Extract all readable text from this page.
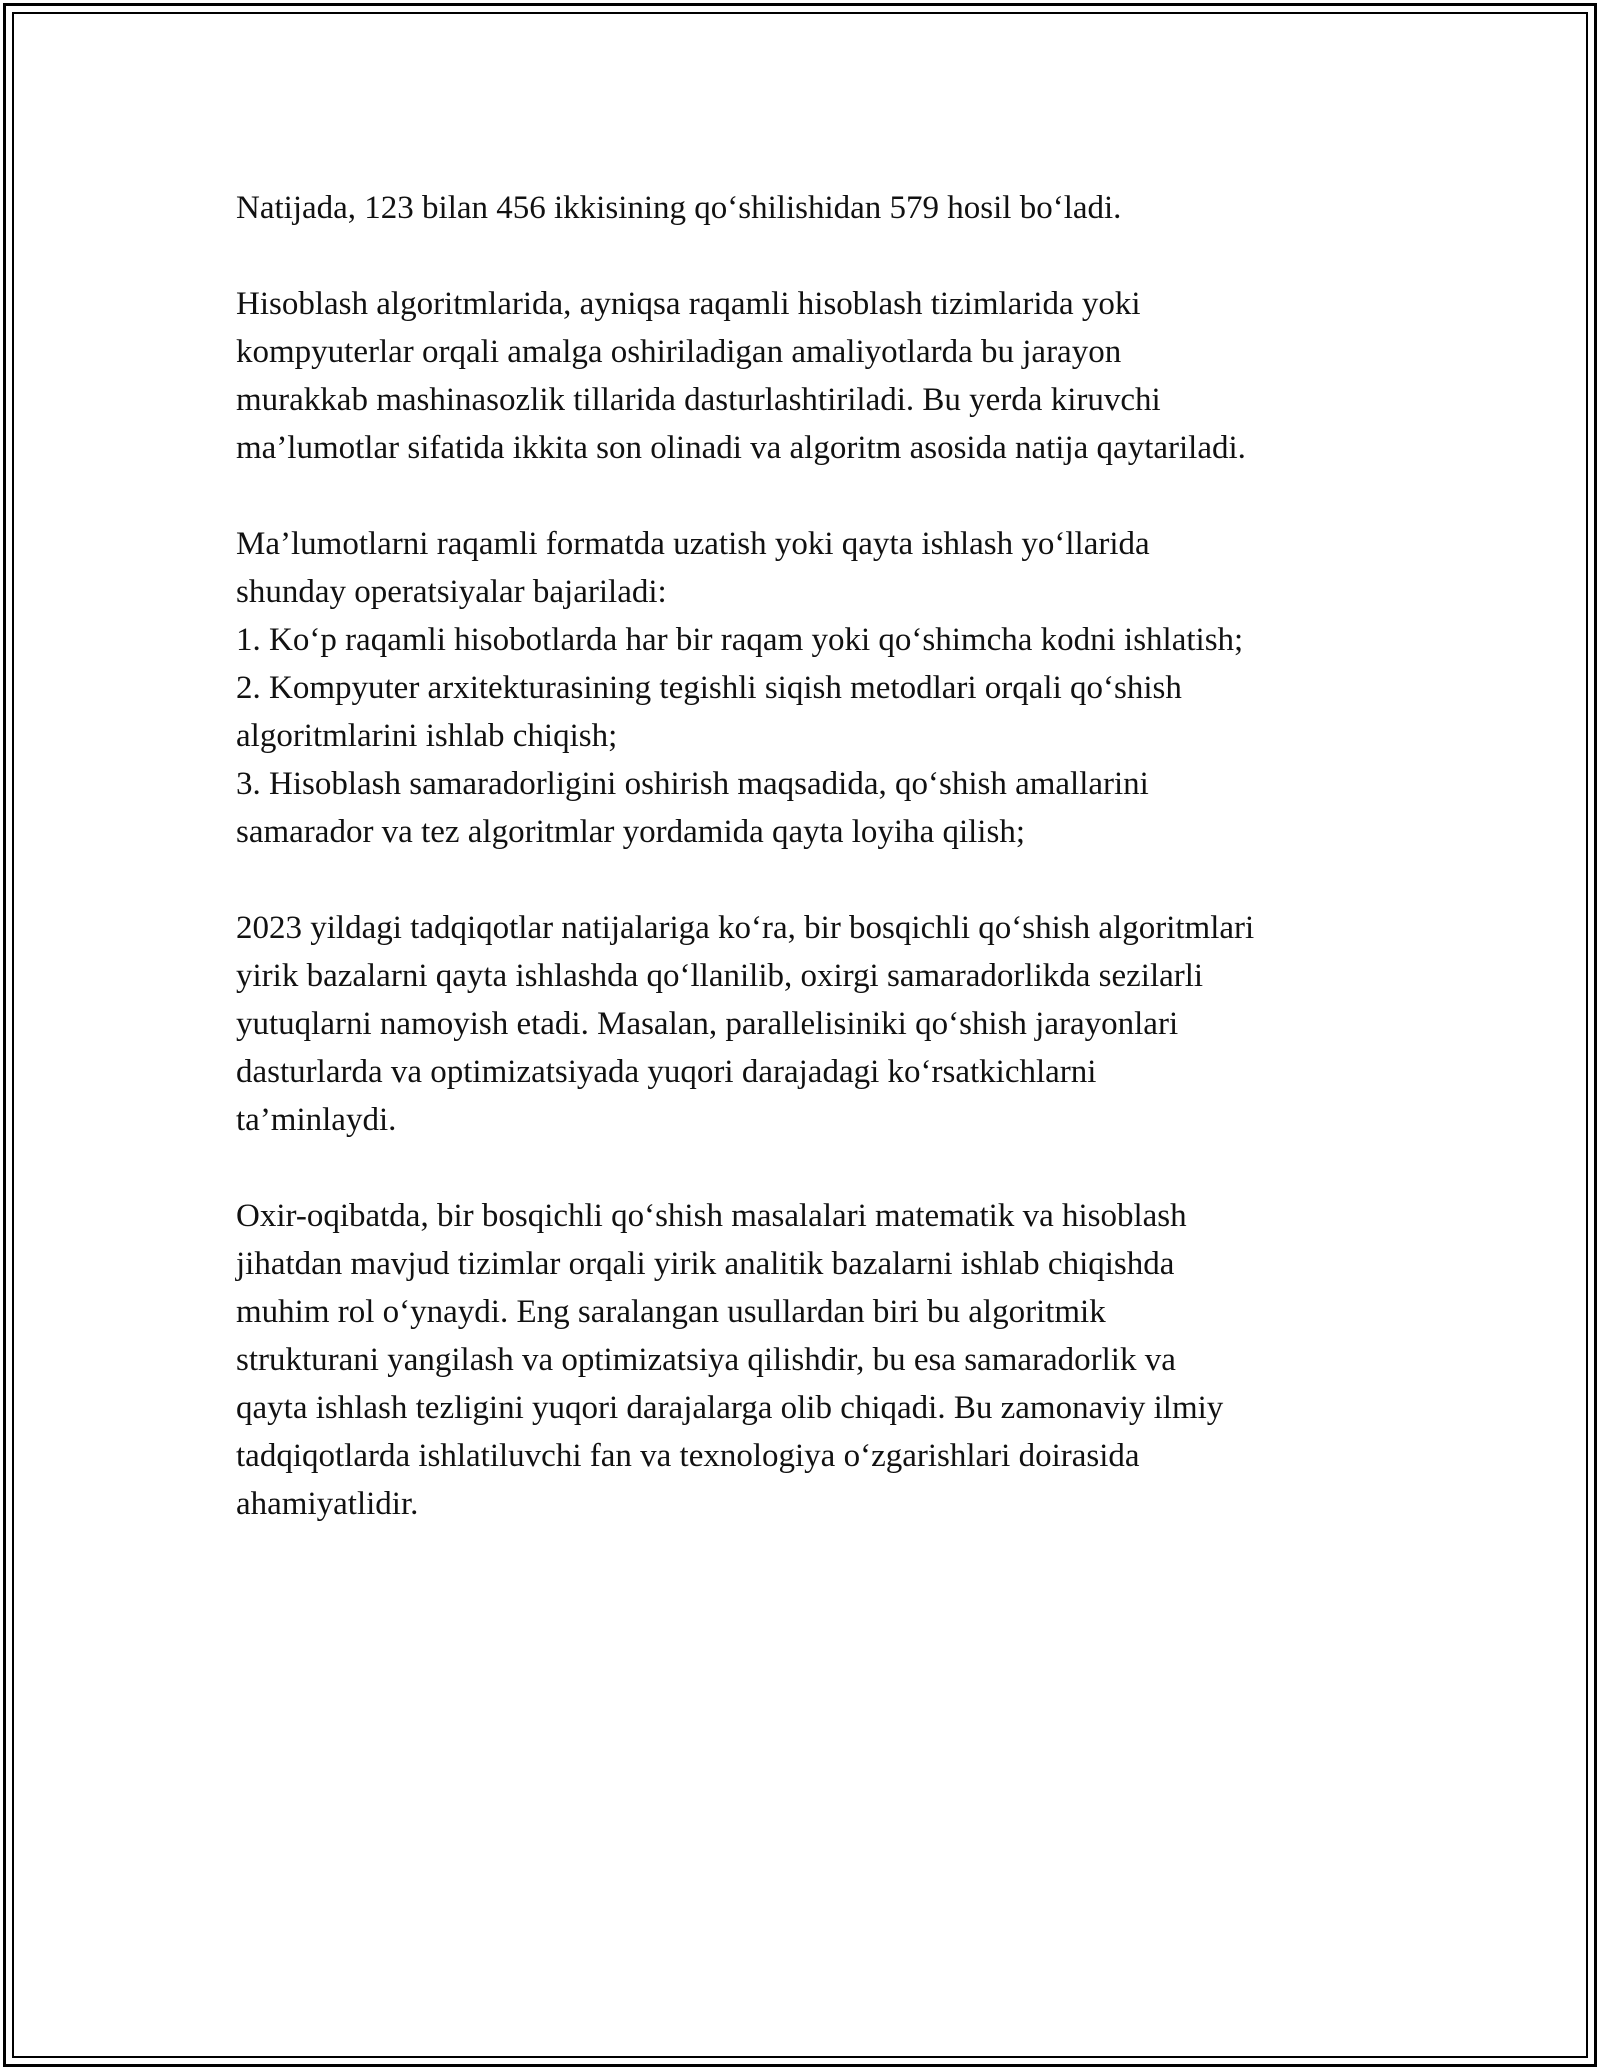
Natijada, 123 bilan 456 ikkisining qo‘shilishidan 579 hosil bo‘ladi.
Hisoblash algoritmlarida, ayniqsa raqamli hisoblash tizimlarida yoki
kompyuterlar orqali amalga oshiriladigan amaliyotlarda bu jarayon
murakkab mashinasozlik tillarida dasturlashtiriladi. Bu yerda kiruvchi
ma’lumotlar sifatida ikkita son olinadi va algoritm asosida natija qaytariladi.
Ma’lumotlarni raqamli formatda uzatish yoki qayta ishlash yo‘llarida
shunday operatsiyalar bajariladi:
1. Ko‘p raqamli hisobotlarda har bir raqam yoki qo‘shimcha kodni ishlatish;
2. Kompyuter arxitekturasining tegishli siqish metodlari orqali qo‘shish
algoritmlarini ishlab chiqish;
3. Hisoblash samaradorligini oshirish maqsadida, qo‘shish amallarini
samarador va tez algoritmlar yordamida qayta loyiha qilish;
2023 yildagi tadqiqotlar natijalariga ko‘ra, bir bosqichli qo‘shish algoritmlari
yirik bazalarni qayta ishlashda qo‘llanilib, oxirgi samaradorlikda sezilarli
yutuqlarni namoyish etadi. Masalan, parallelisiniki qo‘shish jarayonlari
dasturlarda va optimizatsiyada yuqori darajadagi ko‘rsatkichlarni
ta’minlaydi.
Oxir-oqibatda, bir bosqichli qo‘shish masalalari matematik va hisoblash
jihatdan mavjud tizimlar orqali yirik analitik bazalarni ishlab chiqishda
muhim rol o‘ynaydi. Eng saralangan usullardan biri bu algoritmik
strukturani yangilash va optimizatsiya qilishdir, bu esa samaradorlik va
qayta ishlash tezligini yuqori darajalarga olib chiqadi. Bu zamonaviy ilmiy
tadqiqotlarda ishlatiluvchi fan va texnologiya o‘zgarishlari doirasida
ahamiyatlidir.
